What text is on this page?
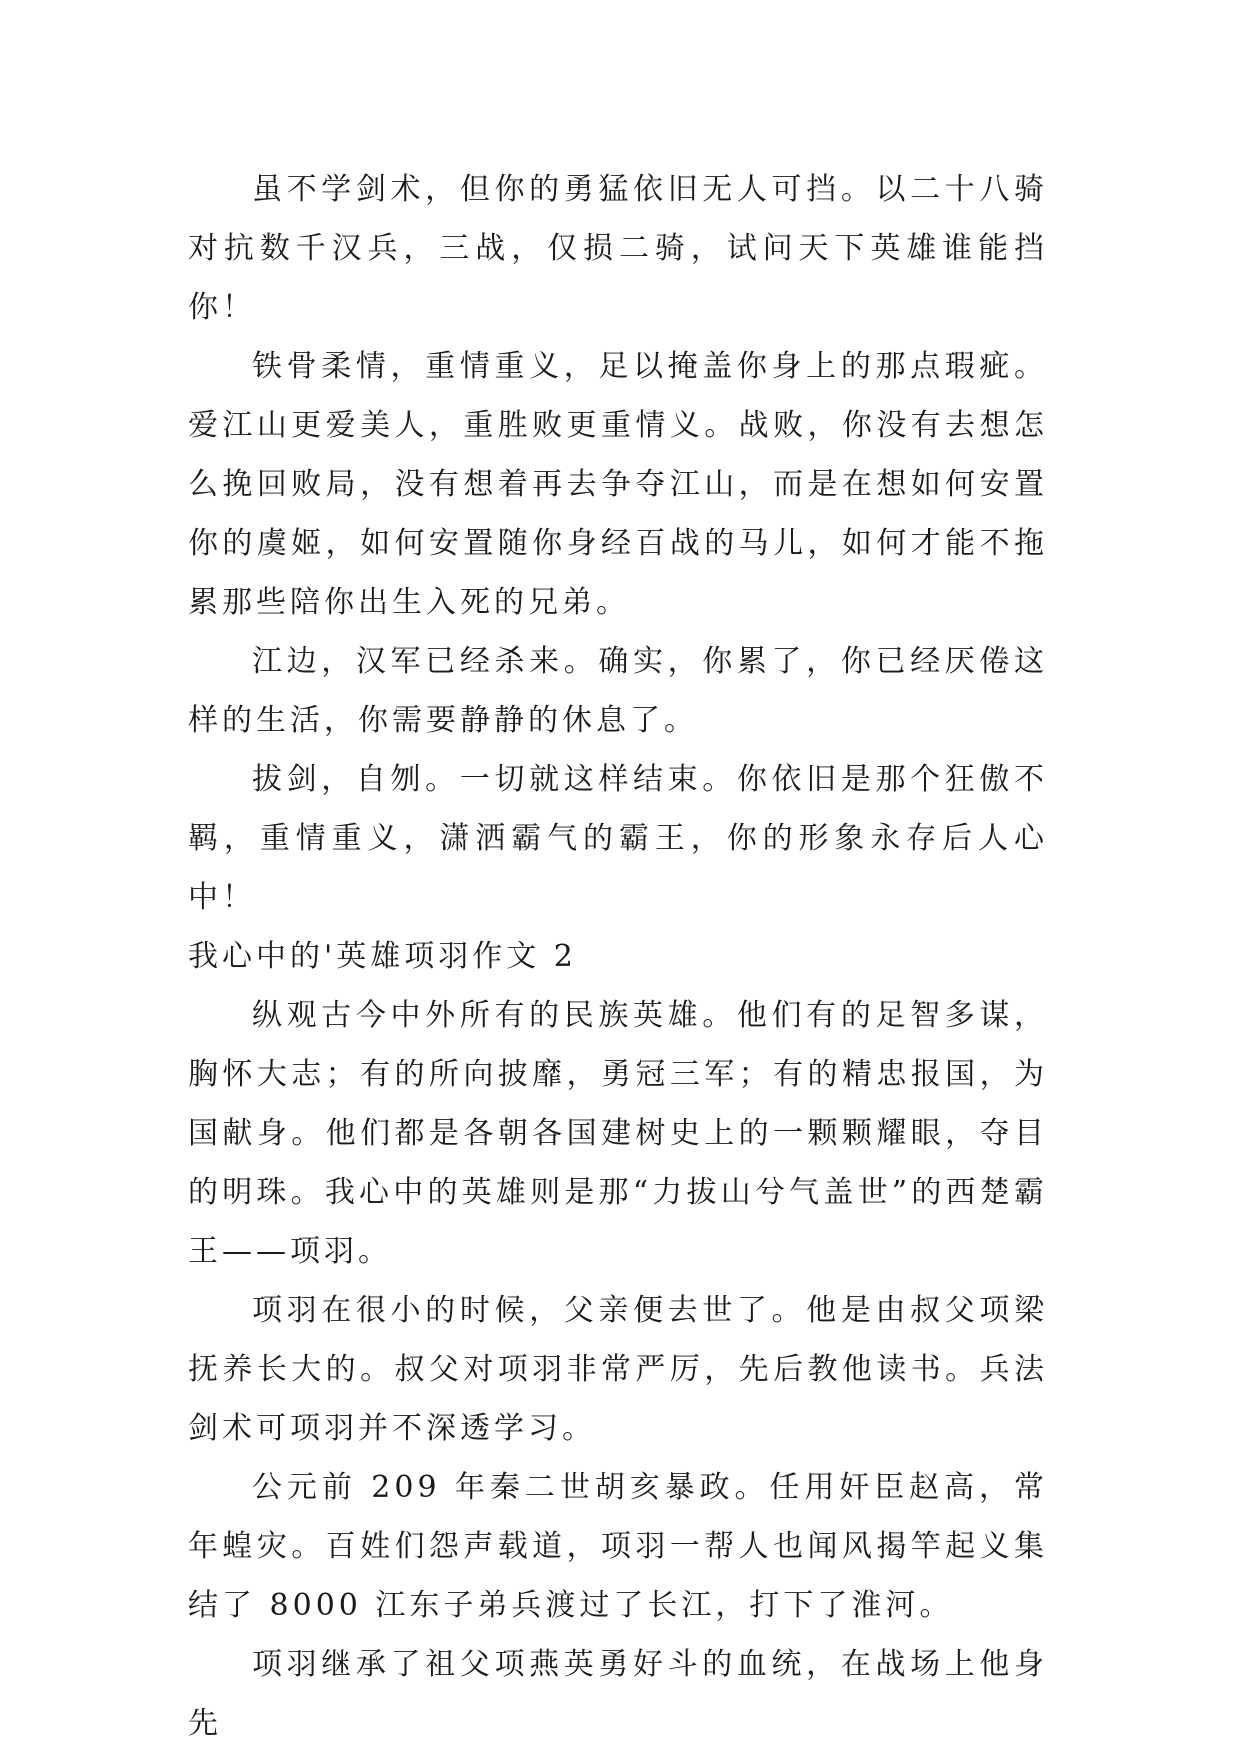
虽不学剑术，但你的勇猛依旧无人可挡。以二十八骑对抗数千汉兵，三战，仅损二骑，试问天下英雄谁能挡你！

铁骨柔情，重情重义，足以掩盖你身上的那点瑕疵。爱江山更爱美人，重胜败更重情义。战败，你没有去想怎么挽回败局，没有想着再去争夺江山，而是在想如何安置你的虞姬，如何安置随你身经百战的马儿，如何才能不拖累那些陪你出生入死的兄弟。

江边，汉军已经杀来。确实，你累了，你已经厌倦这样的生活，你需要静静的休息了。

拔剑，自刎。一切就这样结束。你依旧是那个狂傲不羁，重情重义，潇洒霸气的霸王，你的形象永存后人心中！

我心中的'英雄项羽作文 2

纵观古今中外所有的民族英雄。他们有的足智多谋，胸怀大志；有的所向披靡，勇冠三军；有的精忠报国，为国献身。他们都是各朝各国建树史上的一颗颗耀眼，夺目的明珠。我心中的英雄则是那“力拔山兮气盖世”的西楚霸王——项羽。

项羽在很小的时候，父亲便去世了。他是由叔父项梁抚养长大的。叔父对项羽非常严厉，先后教他读书。兵法剑术可项羽并不深透学习。

公元前 209 年秦二世胡亥暴政。任用奸臣赵高，常年蝗灾。百姓们怨声载道，项羽一帮人也闻风揭竿起义集结了 8000 江东子弟兵渡过了长江，打下了淮河。

项羽继承了祖父项燕英勇好斗的血统，在战场上他身先
